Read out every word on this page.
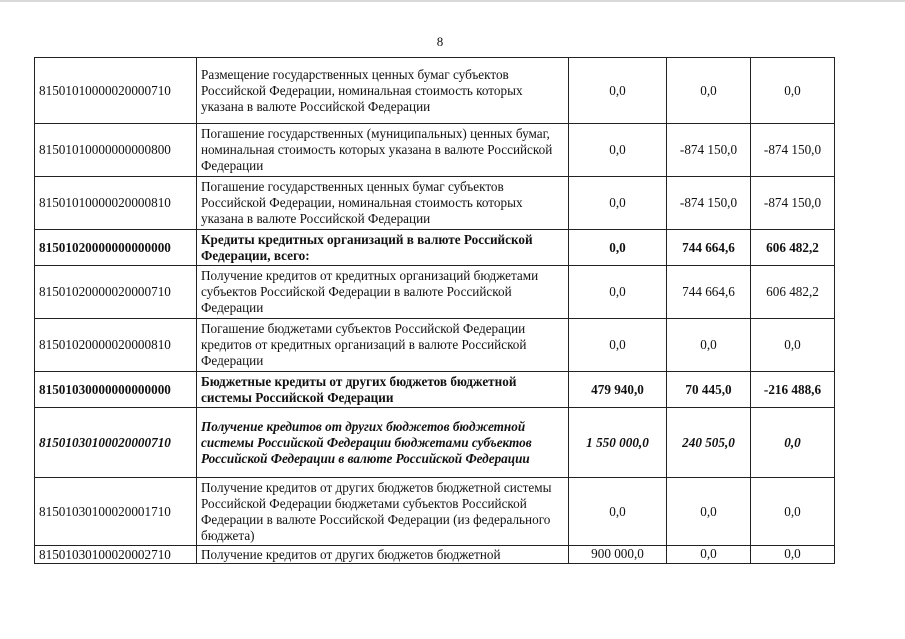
8
81501010000020000710	Размещение государственных ценных бумаг субъектов Российской Федерации, номинальная стоимость которых указана в валюте Российской Федерации	0,0	0,0	0,0
81501010000000000800	Погашение государственных (муниципальных) ценных бумаг, номинальная стоимость которых указана в валюте Российской Федерации	0,0	-874 150,0	-874 150,0
81501010000020000810	Погашение государственных ценных бумаг субъектов Российской Федерации, номинальная стоимость которых указана в валюте Российской Федерации	0,0	-874 150,0	-874 150,0
81501020000000000000	Кредиты кредитных организаций в валюте Российской Федерации, всего:	0,0	744 664,6	606 482,2
81501020000020000710	Получение кредитов от кредитных организаций бюджетами субъектов Российской Федерации в валюте Российской Федерации	0,0	744 664,6	606 482,2
81501020000020000810	Погашение бюджетами субъектов Российской Федерации кредитов от кредитных организаций в валюте Российской Федерации	0,0	0,0	0,0
81501030000000000000	Бюджетные кредиты от других бюджетов бюджетной системы Российской Федерации	479 940,0	70 445,0	-216 488,6
81501030100020000710	Получение кредитов от других бюджетов бюджетной системы Российской Федерации бюджетами субъектов Российской Федерации в валюте Российской Федерации	1 550 000,0	240 505,0	0,0
81501030100020001710	Получение кредитов от других бюджетов бюджетной системы Российской Федерации бюджетами субъектов Российской Федерации в валюте Российской Федерации (из федерального бюджета)	0,0	0,0	0,0
81501030100020002710	Получение кредитов от других бюджетов бюджетной	900 000,0	0,0	0,0
